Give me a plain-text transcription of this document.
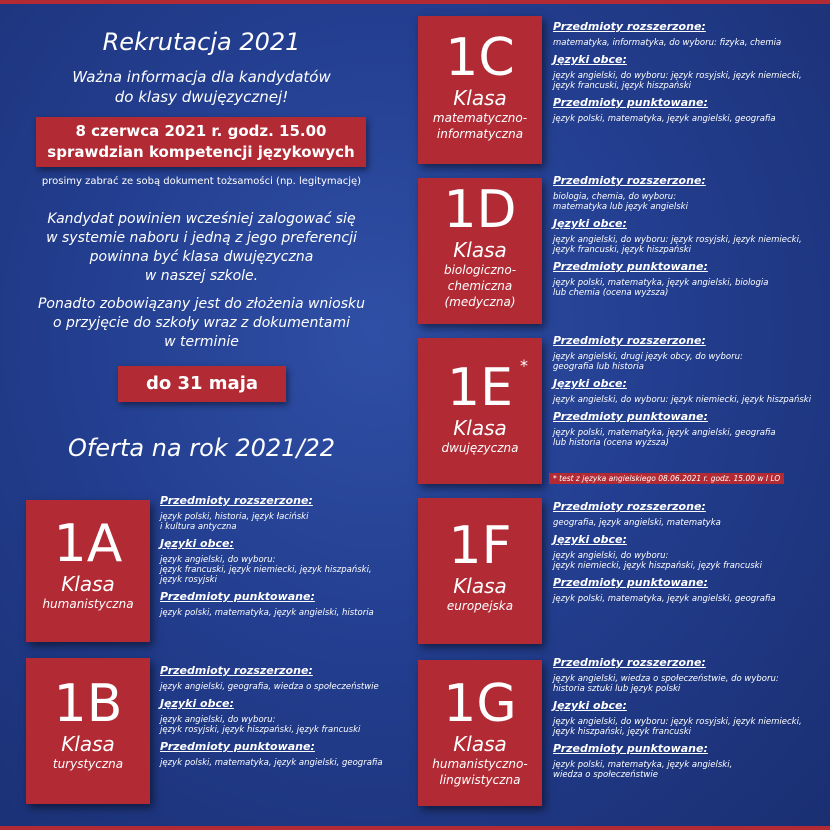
Rekrutacja 2021
Ważna informacja dla kandydatów
do klasy dwujęzycznej!
8 czerwca 2021 r. godz. 15.00
sprawdzian kompetencji językowych
prosimy zabrać ze sobą dokument tożsamości (np. legitymację)
Kandydat powinien wcześniej zalogować się
w systemie naboru i jedną z jego preferencji
powinna być klasa dwujęzyczna
w naszej szkole.
Ponadto zobowiązany jest do złożenia wniosku
o przyjęcie do szkoły wraz z dokumentami
w terminie
do 31 maja
Oferta na rok 2021/22
1A
Klasa
humanistyczna
1B
Klasa
turystyczna
1C
Klasa
matematyczno-
informatyczna
1D
Klasa
biologiczno-
chemiczna
(medyczna)
1E *
Klasa
dwujęzyczna
1F
Klasa
europejska
1G
Klasa
humanistyczno-
lingwistyczna
Przedmioty rozszerzone:
język polski, historia, język łaciński
i kultura antyczna
Języki obce:
język angielski, do wyboru:
język francuski, język niemiecki, język hiszpański,
język rosyjski
Przedmioty punktowane:
język polski, matematyka, język angielski, historia
Przedmioty rozszerzone:
język angielski, geografia, wiedza o społeczeństwie
Języki obce:
język angielski, do wyboru:
język rosyjski, język hiszpański, język francuski
Przedmioty punktowane:
język polski, matematyka, język angielski, geografia
Przedmioty rozszerzone:
matematyka, informatyka, do wyboru: fizyka, chemia
Języki obce:
język angielski, do wyboru: język rosyjski, język niemiecki,
język francuski, język hiszpański
Przedmioty punktowane:
język polski, matematyka, język angielski, geografia
Przedmioty rozszerzone:
biologia, chemia, do wyboru:
matematyka lub język angielski
Języki obce:
język angielski, do wyboru: język rosyjski, język niemiecki,
język francuski, język hiszpański
Przedmioty punktowane:
język polski, matematyka, język angielski, biologia
lub chemia (ocena wyższa)
Przedmioty rozszerzone:
język angielski, drugi język obcy, do wyboru:
geografia lub historia
Języki obce:
język angielski, do wyboru: język niemiecki, język hiszpański
Przedmioty punktowane:
język polski, matematyka, język angielski, geografia
lub historia (ocena wyższa)
* test z języka angielskiego 08.06.2021 r. godz. 15.00 w I LO
Przedmioty rozszerzone:
geografia, język angielski, matematyka
Języki obce:
język angielski, do wyboru:
język niemiecki, język hiszpański, język francuski
Przedmioty punktowane:
język polski, matematyka, język angielski, geografia
Przedmioty rozszerzone:
język angielski, wiedza o społeczeństwie, do wyboru:
historia sztuki lub język polski
Języki obce:
język angielski, do wyboru: język rosyjski, język niemiecki,
język hiszpański, język francuski
Przedmioty punktowane:
język polski, matematyka, język angielski,
wiedza o społeczeństwie
